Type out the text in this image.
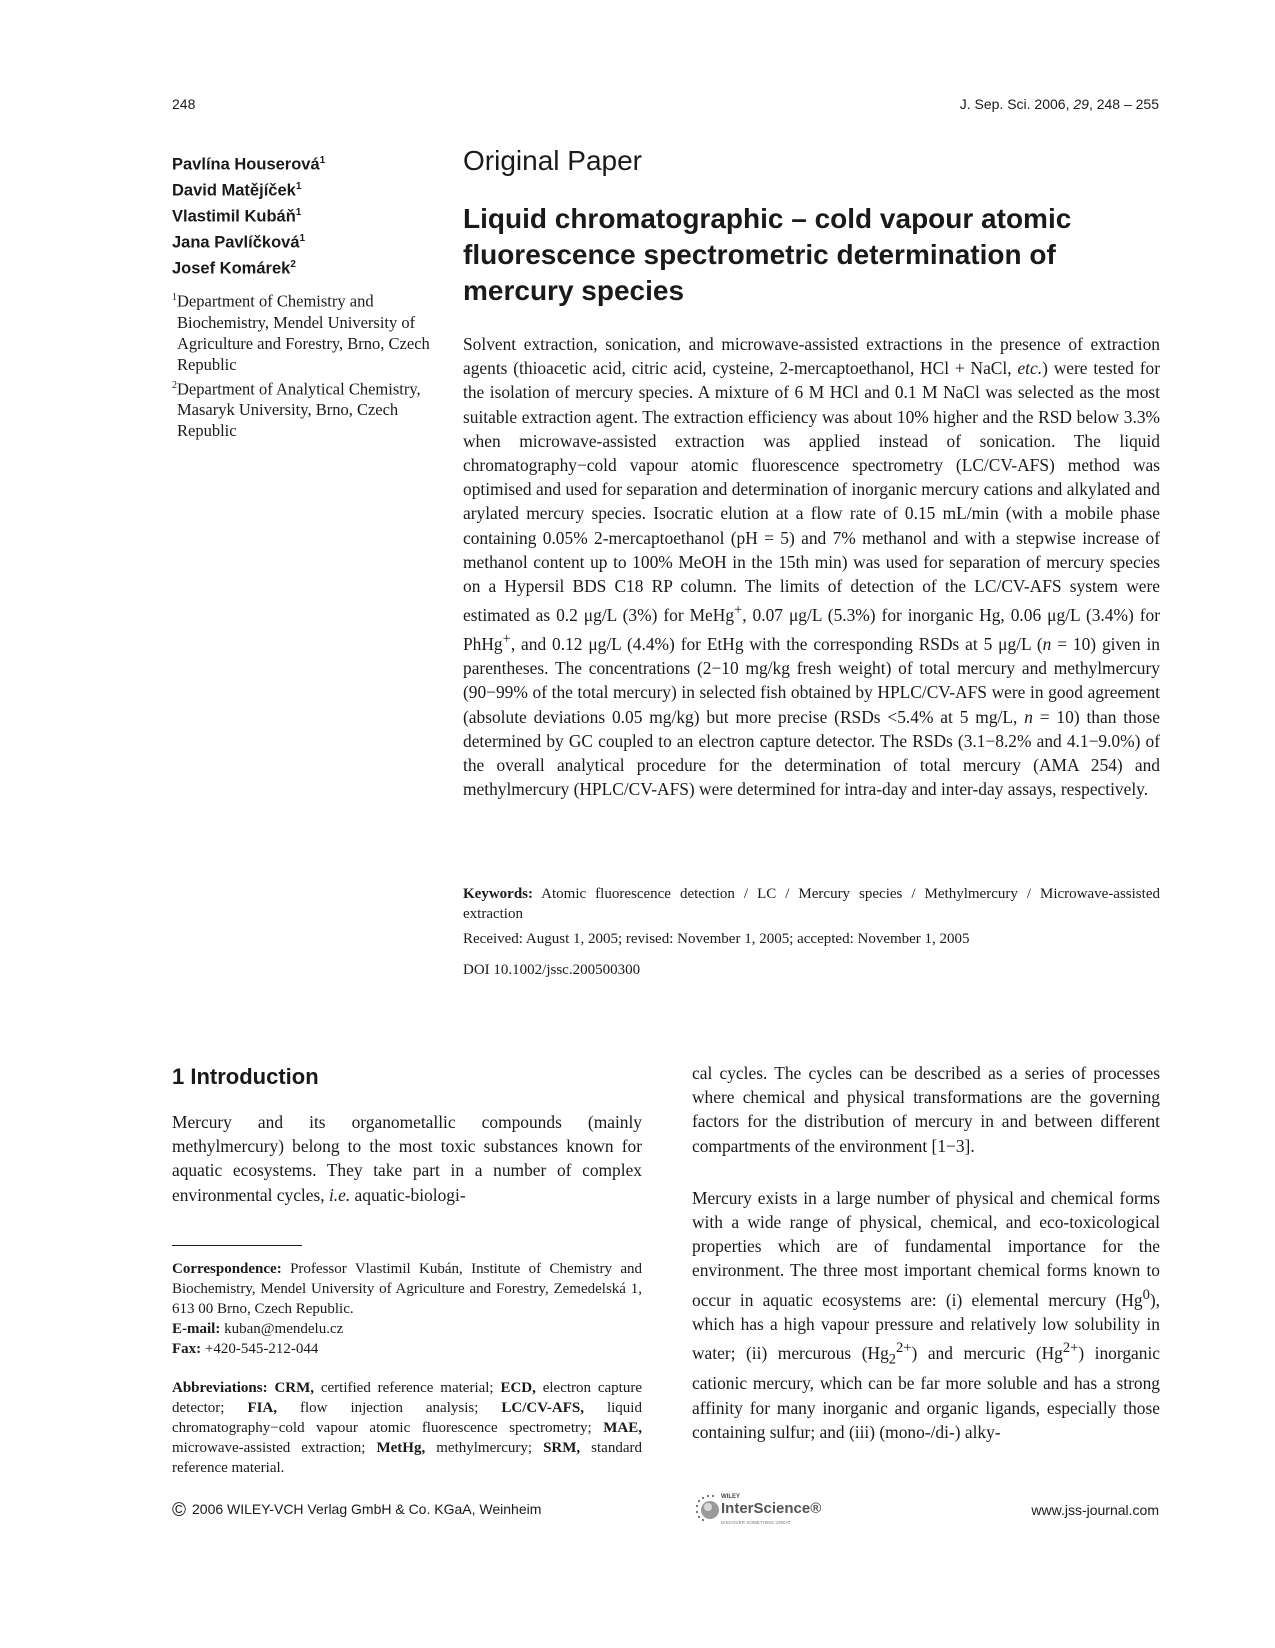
248	J. Sep. Sci. 2006, 29, 248 – 255
Pavlína Houserová$^1$
David Matějíček$^1$
Vlastimil Kubáň$^1$
Jana Pavlíčková$^1$
Josef Komárek$^2$
$^1$Department of Chemistry and Biochemistry, Mendel University of Agriculture and Forestry, Brno, Czech Republic
$^2$Department of Analytical Chemistry, Masaryk University, Brno, Czech Republic
Original Paper
Liquid chromatographic – cold vapour atomic fluorescence spectrometric determination of mercury species

Solvent extraction, sonication, and microwave-assisted extractions in the presence of extraction agents (thioacetic acid, citric acid, cysteine, 2-mercaptoethanol, HCl + NaCl, etc.) were tested for the isolation of mercury species. A mixture of 6 M HCl and 0.1 M NaCl was selected as the most suitable extraction agent. The extraction efficiency was about 10% higher and the RSD below 3.3% when microwave-assisted extraction was applied instead of sonication. The liquid chromatography−cold vapour atomic fluorescence spectrometry (LC/CV-AFS) method was optimised and used for separation and determination of inorganic mercury cations and alkylated and arylated mercury species. Isocratic elution at a flow rate of 0.15 mL/min (with a mobile phase containing 0.05% 2-mercaptoethanol (pH = 5) and 7% methanol and with a stepwise increase of methanol content up to 100% MeOH in the 15th min) was used for separation of mercury species on a Hypersil BDS C18 RP column. The limits of detection of the LC/CV-AFS system were estimated as 0.2 μg/L (3%) for MeHg+, 0.07 μg/L (5.3%) for inorganic Hg, 0.06 μg/L (3.4%) for PhHg+, and 0.12 μg/L (4.4%) for EtHg with the corresponding RSDs at 5 μg/L (n = 10) given in parentheses. The concentrations (2−10 mg/kg fresh weight) of total mercury and methylmercury (90−99% of the total mercury) in selected fish obtained by HPLC/CV-AFS were in good agreement (absolute deviations 0.05 mg/kg) but more precise (RSDs <5.4% at 5 mg/L, n = 10) than those determined by GC coupled to an electron capture detector. The RSDs (3.1−8.2% and 4.1−9.0%) of the overall analytical procedure for the determination of total mercury (AMA 254) and methylmercury (HPLC/CV-AFS) were determined for intra-day and inter-day assays, respectively.

Keywords: Atomic fluorescence detection / LC / Mercury species / Methylmercury / Microwave-assisted extraction
Received: August 1, 2005; revised: November 1, 2005; accepted: November 1, 2005
DOI 10.1002/jssc.200500300
1 Introduction

Mercury and its organometallic compounds (mainly methylmercury) belong to the most toxic substances known for aquatic ecosystems. They take part in a number of complex environmental cycles, i.e. aquatic-biologi-

cal cycles. The cycles can be described as a series of processes where chemical and physical transformations are the governing factors for the distribution of mercury in and between different compartments of the environment [1−3].

Mercury exists in a large number of physical and chemical forms with a wide range of physical, chemical, and eco-toxicological properties which are of fundamental importance for the environment. The three most important chemical forms known to occur in aquatic ecosystems are: (i) elemental mercury (Hg$^0$), which has a high vapour pressure and relatively low solubility in water; (ii) mercurous $(Hg_2^{2+})$ and mercuric $(Hg^{2+})$ inorganic cationic mercury, which can be far more soluble and has a strong affinity for many inorganic and organic ligands, especially those containing sulfur; and (iii) (mono-/di-) alky-

Correspondence: Professor Vlastimil Kubán, Institute of Chemistry and Biochemistry, Mendel University of Agriculture and Forestry, Zemedelská 1, 613 00 Brno, Czech Republic.
E-mail: kuban@mendelu.cz
Fax: +420-545-212-044
Abbreviations: CRM, certified reference material; ECD, electron capture detector; FIA, flow injection analysis; LC/CV-AFS, liquid chromatography−cold vapour atomic fluorescence spectrometry; MAE, microwave-assisted extraction; MetHg, methylmercury; SRM, standard reference material.
© 2006 WILEY-VCH Verlag GmbH & Co. KGaA, Weinheim
WILEY
InterScience®
DISCOVER SOMETHING GREAT
www.jss-journal.com
